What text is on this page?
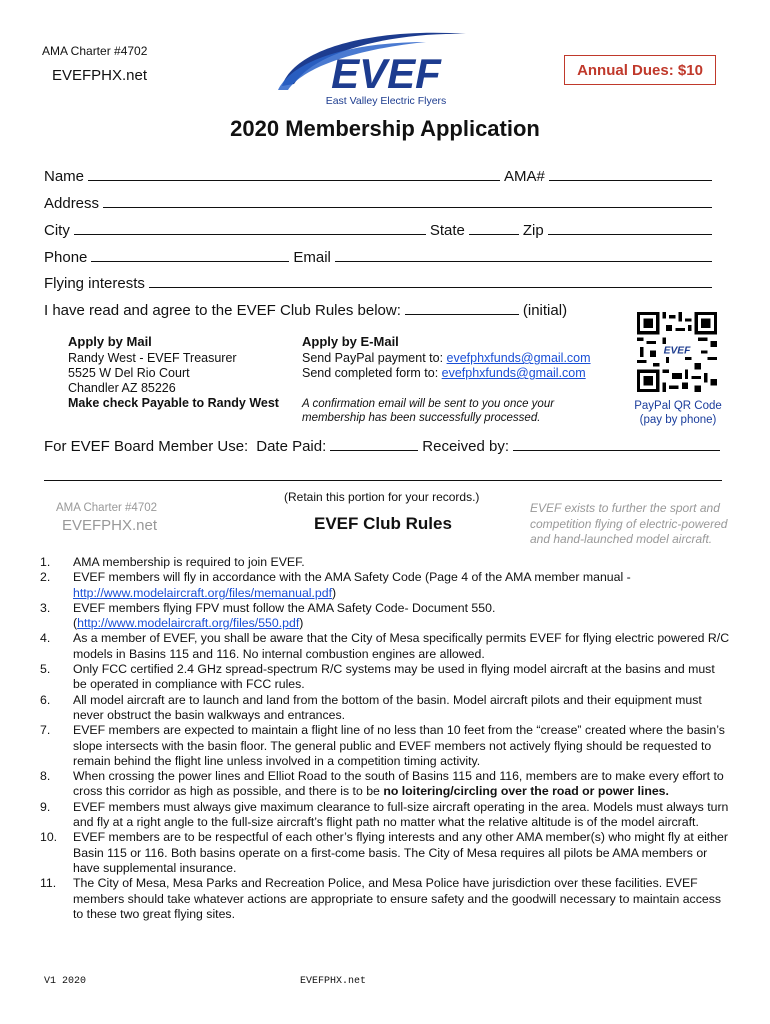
AMA Charter #4702
EVEFPHX.net	EVEF
East Valley Electric Flyers
Annual Dues: $10
2020 Membership Application
Name	AMA#
Address
City	State	Zip
Phone	Email
Flying interests
I have read and agree to the EVEF Club Rules below:	(initial)
Apply by Mail
Randy West - EVEF Treasurer
5525 W Del Rio Court
Chandler AZ 85226
Make check Payable to Randy West
Apply by E-Mail
Send PayPal payment to: evefphxfunds@gmail.com
Send completed form to: evefphxfunds@gmail.com
A confirmation email will be sent to you once your
membership has been successfully processed.
EVEF
PayPal QR Code
(pay by phone)
For EVEF Board Member Use: Date Paid:	Received by:
(Retain this portion for your records.)
AMA Charter #4702
EVEFPHX.net	EVEF Club Rules
EVEF exists to further the sport and
competition flying of electric-powered
and hand-launched model aircraft.
1.	AMA membership is required to join EVEF.
2.	EVEF members will fly in accordance with the AMA Safety Code (Page 4 of the AMA member manual -
http://www.modelaircraft.org/files/memanual.pdf)
3.	EVEF members flying FPV must follow the AMA Safety Code- Document 550.
(http://www.modelaircraft.org/files/550.pdf)
4.	As a member of EVEF, you shall be aware that the City of Mesa specifically permits EVEF for flying electric powered R/C models in Basins 115 and 116. No internal combustion engines are allowed.
5.	Only FCC certified 2.4 GHz spread-spectrum R/C systems may be used in flying model aircraft at the basins and must be operated in compliance with FCC rules.
6.	All model aircraft are to launch and land from the bottom of the basin. Model aircraft pilots and their equipment must never obstruct the basin walkways and entrances.
7.	EVEF members are expected to maintain a flight line of no less than 10 feet from the “crease” created where the basin’s slope intersects with the basin floor. The general public and EVEF members not actively flying should be requested to remain behind the flight line unless involved in a competition timing activity.
8.	When crossing the power lines and Elliot Road to the south of Basins 115 and 116, members are to make every effort to cross this corridor as high as possible, and there is to be no loitering/circling over the road or power lines.
9.	EVEF members must always give maximum clearance to full-size aircraft operating in the area. Models must always turn and fly at a right angle to the full-size aircraft’s flight path no matter what the relative altitude is of the model aircraft.
10.	EVEF members are to be respectful of each other’s flying interests and any other AMA member(s) who might fly at either Basin 115 or 116. Both basins operate on a first-come basis. The City of Mesa requires all pilots be AMA members or have supplemental insurance.
11.	The City of Mesa, Mesa Parks and Recreation Police, and Mesa Police have jurisdiction over these facilities. EVEF members should take whatever actions are appropriate to ensure safety and the goodwill necessary to maintain access to these two great flying sites.
V1 2020	EVEFPHX.net
